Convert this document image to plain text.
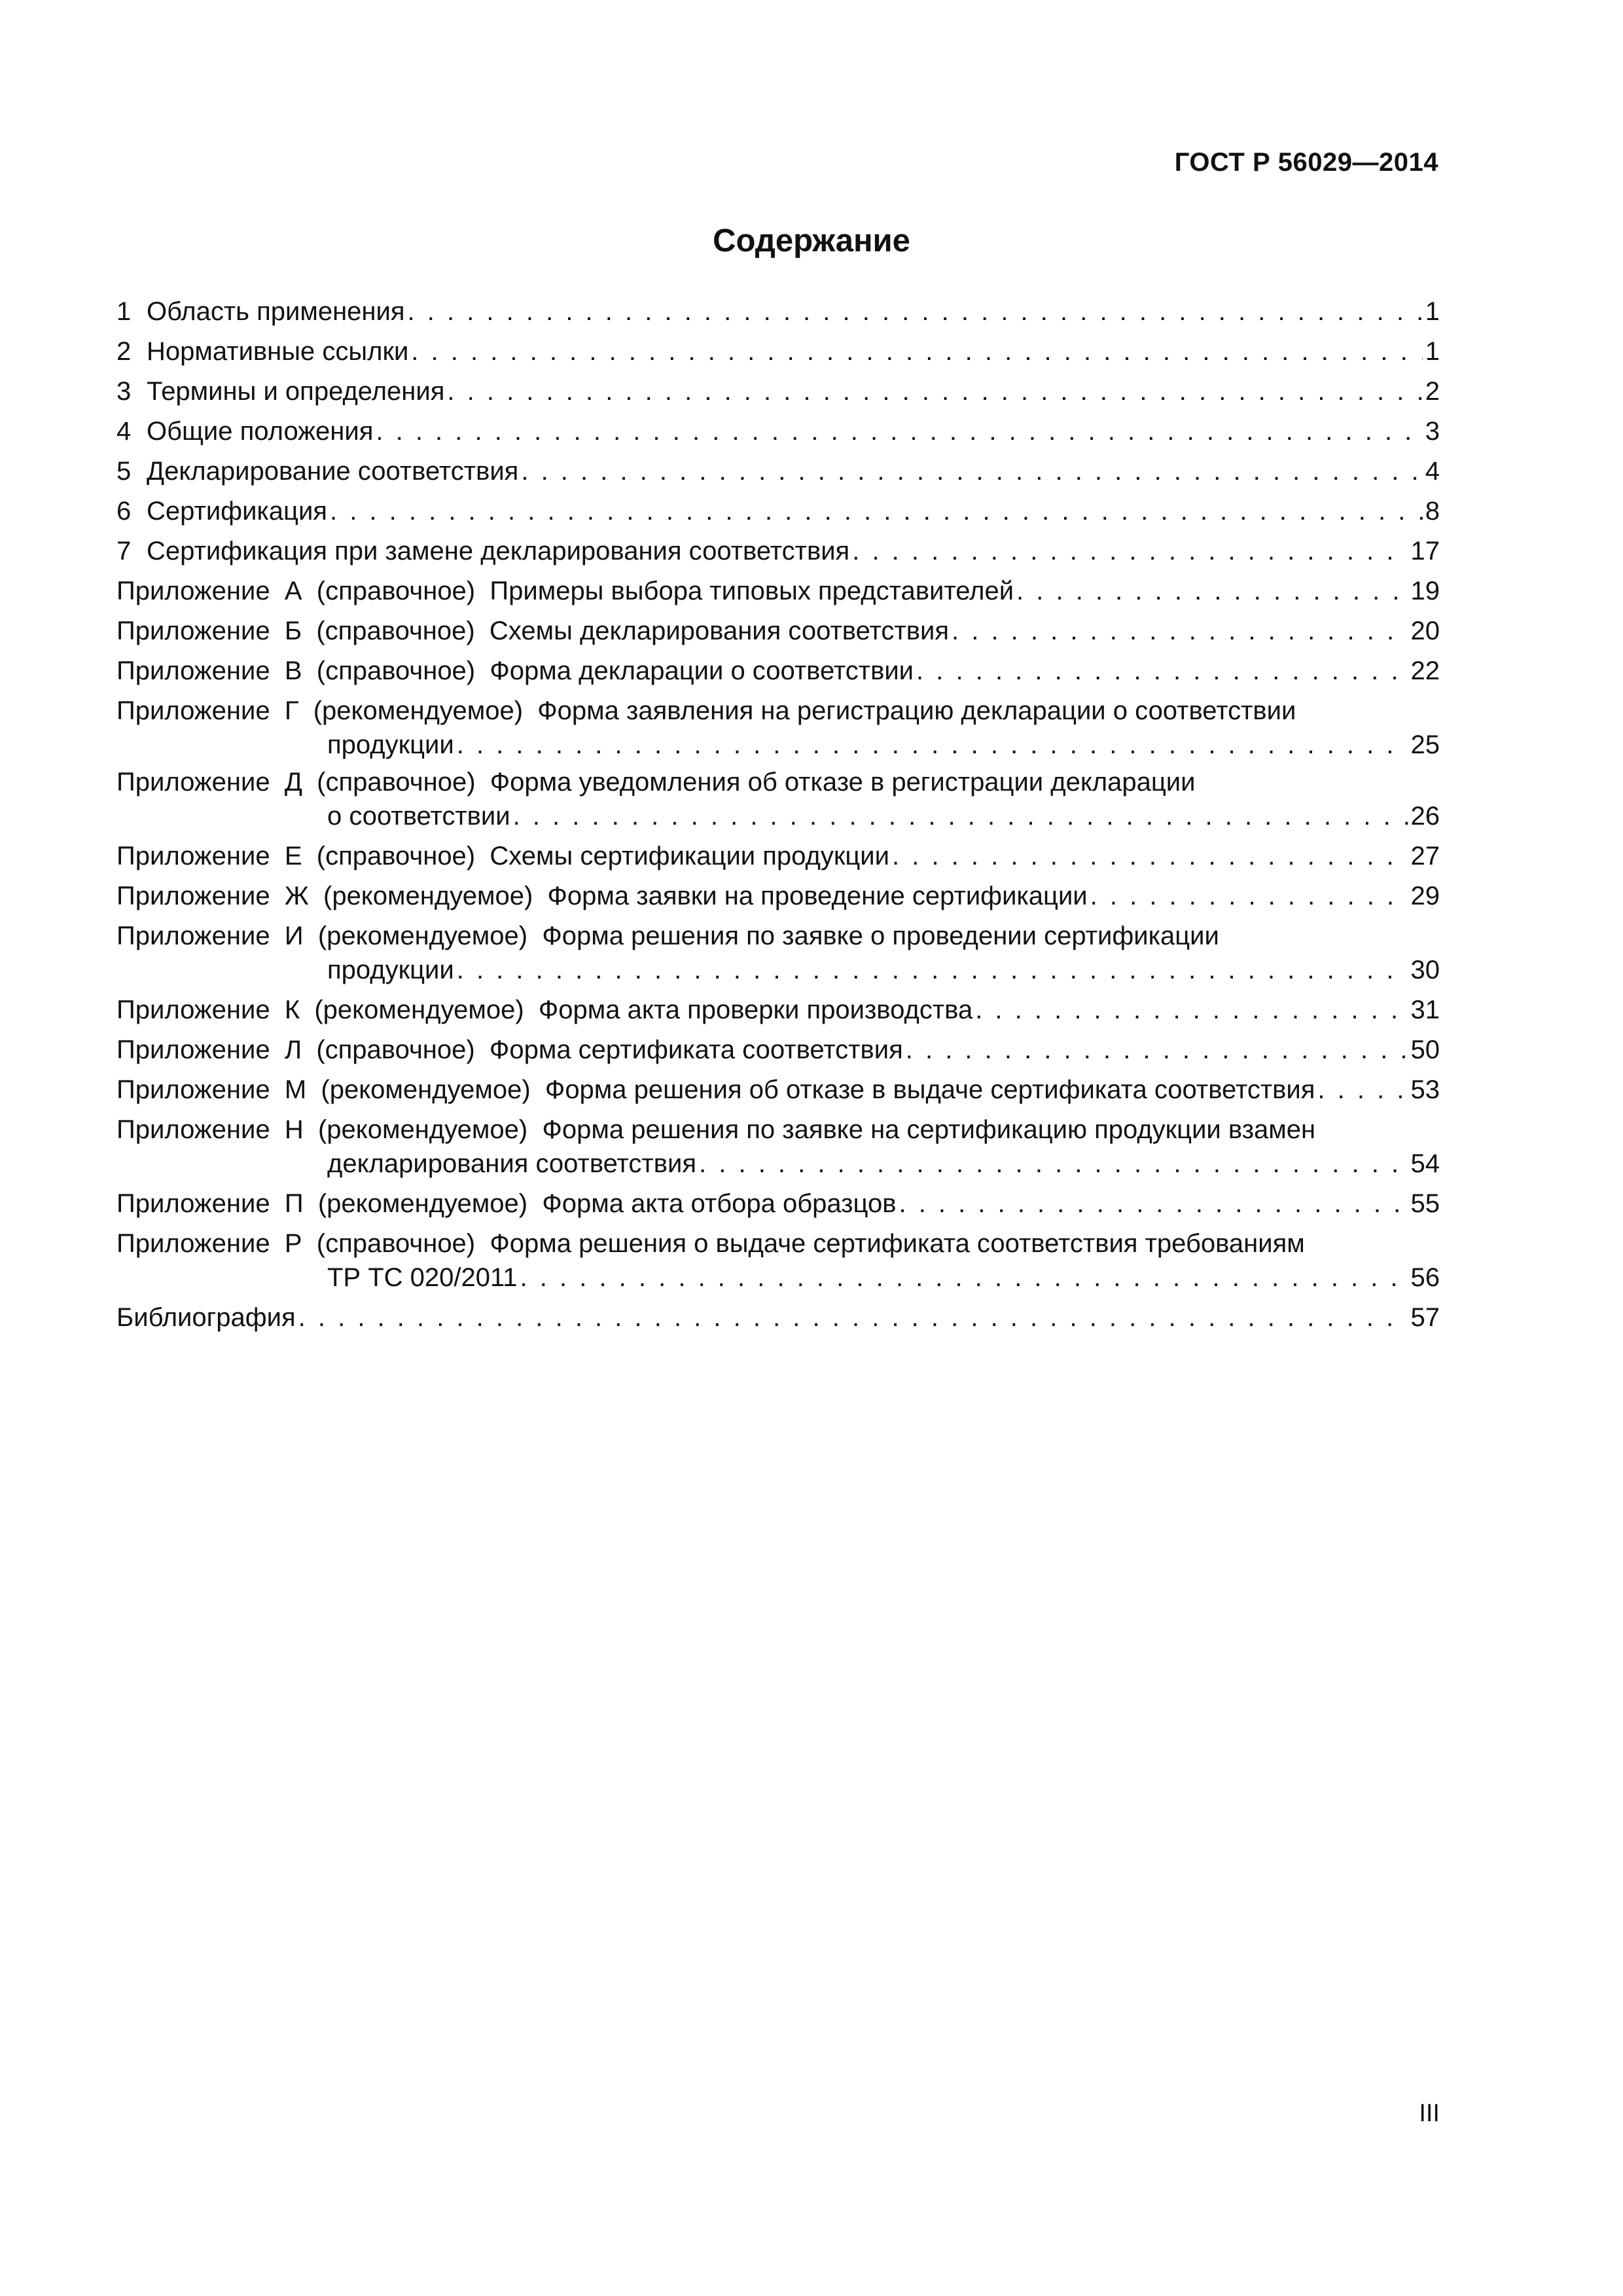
ГОСТ Р 56029—2014
Содержание
1 Область применения . . .	1
2 Нормативные ссылки . . .	1
3 Термины и определения . . .	2
4 Общие положения . . .	3
5 Декларирование соответствия . . .	4
6 Сертификация . . .	8
7 Сертификация при замене декларирования соответствия . . .	17
Приложение  А  (справочное)  Примеры выбора типовых представителей . . .	19
Приложение  Б  (справочное)  Схемы декларирования соответствия . . .	20
Приложение  В  (справочное)  Форма декларации о соответствии . . .	22
Приложение  Г  (рекомендуемое)  Форма заявления на регистрацию декларации о соответствии
продукции . . .	25
Приложение  Д  (справочное)  Форма уведомления об отказе в регистрации декларации
о соответствии . . .	26
Приложение  Е  (справочное)  Схемы сертификации продукции . . .	27
Приложение  Ж  (рекомендуемое)  Форма заявки на проведение сертификации . . .	29
Приложение  И  (рекомендуемое)  Форма решения по заявке о проведении сертификации
продукции . . .	30
Приложение  К  (рекомендуемое)  Форма акта проверки производства . . .	31
Приложение  Л  (справочное)  Форма сертификата соответствия . . .	50
Приложение  М  (рекомендуемое)  Форма решения об отказе в выдаче сертификата соответствия . . .	53
Приложение  Н  (рекомендуемое)  Форма решения по заявке на сертификацию продукции взамен
декларирования соответствия . . .	54
Приложение  П  (рекомендуемое)  Форма акта отбора образцов . . .	55
Приложение  Р  (справочное)  Форма решения о выдаче сертификата соответствия требованиям
ТР ТС 020/2011 . . .	56
Библиография . . .	57
III
